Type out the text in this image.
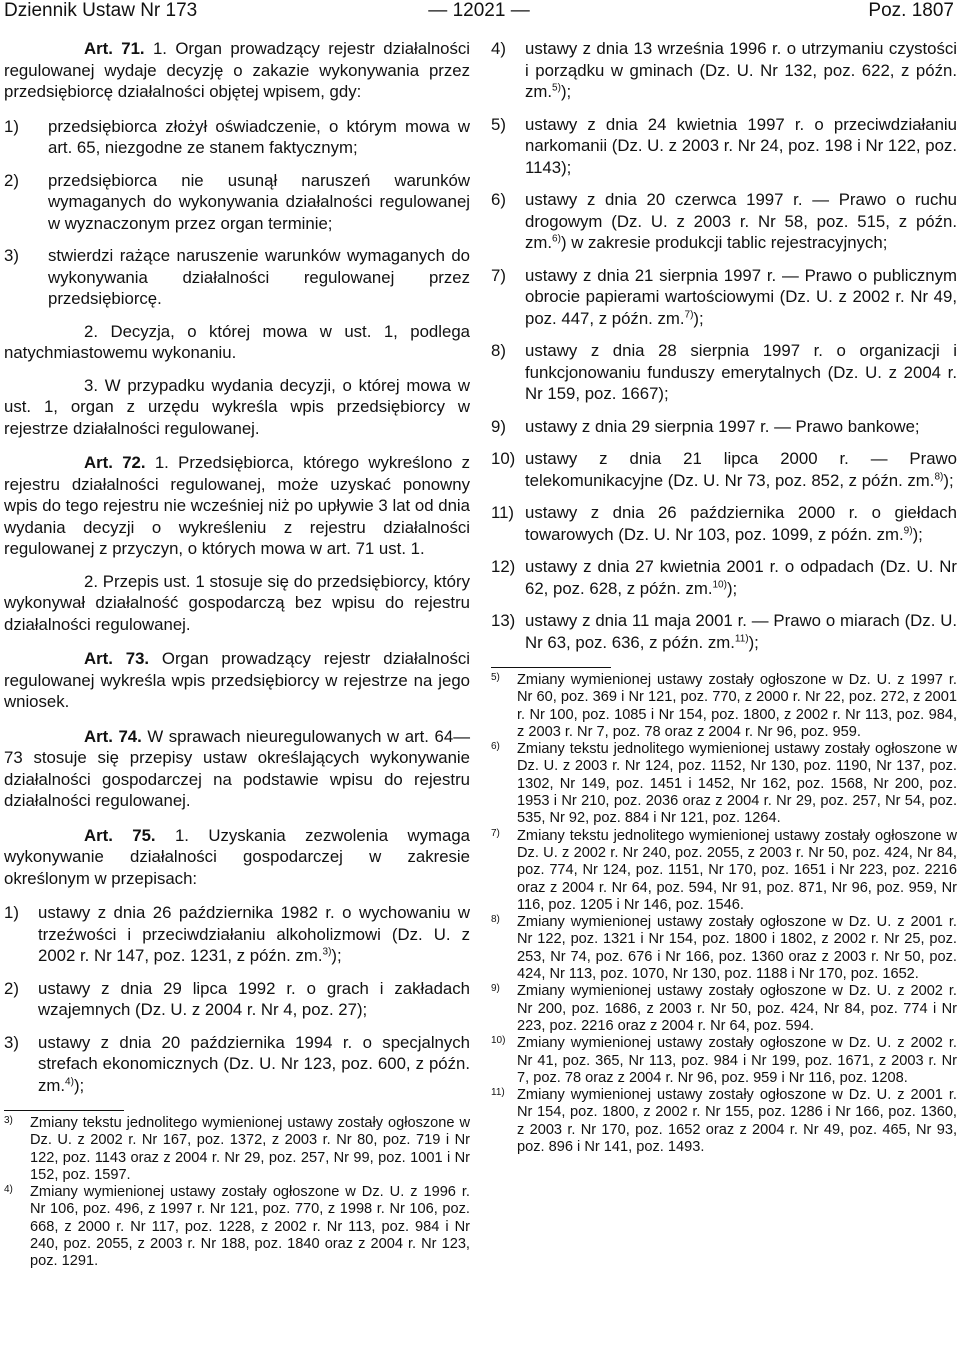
Dziennik Ustaw Nr 173	— 12021 —	Poz. 1807

Art. 71. 1. Organ prowadzący rejestr działalności regulowanej wydaje decyzję o zakazie wykonywania przez przedsiębiorcę działalności objętej wpisem, gdy:

1) przedsiębiorca złożył oświadczenie, o którym mowa w art. 65, niezgodne ze stanem faktycznym;
2) przedsiębiorca nie usunął naruszeń warunków wymaganych do wykonywania działalności regulowanej w wyznaczonym przez organ terminie;
3) stwierdzi rażące naruszenie warunków wymaganych do wykonywania działalności regulowanej przez przedsiębiorcę.

2. Decyzja, o której mowa w ust. 1, podlega natychmiastowemu wykonaniu.

3. W przypadku wydania decyzji, o której mowa w ust. 1, organ z urzędu wykreśla wpis przedsiębiorcy w rejestrze działalności regulowanej.

Art. 72. 1. Przedsiębiorca, którego wykreślono z rejestru działalności regulowanej, może uzyskać ponowny wpis do tego rejestru nie wcześniej niż po upływie 3 lat od dnia wydania decyzji o wykreśleniu z rejestru działalności regulowanej z przyczyn, o których mowa w art. 71 ust. 1.

2. Przepis ust. 1 stosuje się do przedsiębiorcy, który wykonywał działalność gospodarczą bez wpisu do rejestru działalności regulowanej.

Art. 73. Organ prowadzący rejestr działalności regulowanej wykreśla wpis przedsiębiorcy w rejestrze na jego wniosek.

Art. 74. W sprawach nieuregulowanych w art. 64—73 stosuje się przepisy ustaw określających wykonywanie działalności gospodarczej na podstawie wpisu do rejestru działalności regulowanej.

Art. 75. 1. Uzyskania zezwolenia wymaga wykonywanie działalności gospodarczej w zakresie określonym w przepisach:

1) ustawy z dnia 26 października 1982 r. o wychowaniu w trzeźwości i przeciwdziałaniu alkoholizmowi (Dz. U. z 2002 r. Nr 147, poz. 1231, z późn. zm.$^{3)}$);
2) ustawy z dnia 29 lipca 1992 r. o grach i zakładach wzajemnych (Dz. U. z 2004 r. Nr 4, poz. 27);
3) ustawy z dnia 20 października 1994 r. o specjalnych strefach ekonomicznych (Dz. U. Nr 123, poz. 600, z późn. zm.$^{4)}$);
3) Zmiany tekstu jednolitego wymienionej ustawy zostały ogłoszone w Dz. U. z 2002 r. Nr 167, poz. 1372, z 2003 r. Nr 80, poz. 719 i Nr 122, poz. 1143 oraz z 2004 r. Nr 29, poz. 257, Nr 99, poz. 1001 i Nr 152, poz. 1597.
4) Zmiany wymienionej ustawy zostały ogłoszone w Dz. U. z 1996 r. Nr 106, poz. 496, z 1997 r. Nr 121, poz. 770, z 1998 r. Nr 106, poz. 668, z 2000 r. Nr 117, poz. 1228, z 2002 r. Nr 113, poz. 984 i Nr 240, poz. 2055, z 2003 r. Nr 188, poz. 1840 oraz z 2004 r. Nr 123, poz. 1291.
4) ustawy z dnia 13 września 1996 r. o utrzymaniu czystości i porządku w gminach (Dz. U. Nr 132, poz. 622, z późn. zm.$^{5)}$);
5) ustawy z dnia 24 kwietnia 1997 r. o przeciwdziałaniu narkomanii (Dz. U. z 2003 r. Nr 24, poz. 198 i Nr 122, poz. 1143);
6) ustawy z dnia 20 czerwca 1997 r. — Prawo o ruchu drogowym (Dz. U. z 2003 r. Nr 58, poz. 515, z późn. zm.$^{6)}$) w zakresie produkcji tablic rejestracyjnych;
7) ustawy z dnia 21 sierpnia 1997 r. — Prawo o publicznym obrocie papierami wartościowymi (Dz. U. z 2002 r. Nr 49, poz. 447, z późn. zm.$^{7)}$);
8) ustawy z dnia 28 sierpnia 1997 r. o organizacji i funkcjonowaniu funduszy emerytalnych (Dz. U. z 2004 r. Nr 159, poz. 1667);
9) ustawy z dnia 29 sierpnia 1997 r. — Prawo bankowe;
10) ustawy z dnia 21 lipca 2000 r. — Prawo telekomunikacyjne (Dz. U. Nr 73, poz. 852, z późn. zm.$^{8)}$);
11) ustawy z dnia 26 października 2000 r. o giełdach towarowych (Dz. U. Nr 103, poz. 1099, z późn. zm.$^{9)}$);
12) ustawy z dnia 27 kwietnia 2001 r. o odpadach (Dz. U. Nr 62, poz. 628, z późn. zm.$^{10)}$);
13) ustawy z dnia 11 maja 2001 r. — Prawo o miarach (Dz. U. Nr 63, poz. 636, z późn. zm.$^{11)}$);
5) Zmiany wymienionej ustawy zostały ogłoszone w Dz. U. z 1997 r. Nr 60, poz. 369 i Nr 121, poz. 770, z 2000 r. Nr 22, poz. 272, z 2001 r. Nr 100, poz. 1085 i Nr 154, poz. 1800, z 2002 r. Nr 113, poz. 984, z 2003 r. Nr 7, poz. 78 oraz z 2004 r. Nr 96, poz. 959.
6) Zmiany tekstu jednolitego wymienionej ustawy zostały ogłoszone w Dz. U. z 2003 r. Nr 124, poz. 1152, Nr 130, poz. 1190, Nr 137, poz. 1302, Nr 149, poz. 1451 i 1452, Nr 162, poz. 1568, Nr 200, poz. 1953 i Nr 210, poz. 2036 oraz z 2004 r. Nr 29, poz. 257, Nr 54, poz. 535, Nr 92, poz. 884 i Nr 121, poz. 1264.
7) Zmiany tekstu jednolitego wymienionej ustawy zostały ogłoszone w Dz. U. z 2002 r. Nr 240, poz. 2055, z 2003 r. Nr 50, poz. 424, Nr 84, poz. 774, Nr 124, poz. 1151, Nr 170, poz. 1651 i Nr 223, poz. 2216 oraz z 2004 r. Nr 64, poz. 594, Nr 91, poz. 871, Nr 96, poz. 959, Nr 116, poz. 1205 i Nr 146, poz. 1546.
8) Zmiany wymienionej ustawy zostały ogłoszone w Dz. U. z 2001 r. Nr 122, poz. 1321 i Nr 154, poz. 1800 i 1802, z 2002 r. Nr 25, poz. 253, Nr 74, poz. 676 i Nr 166, poz. 1360 oraz z 2003 r. Nr 50, poz. 424, Nr 113, poz. 1070, Nr 130, poz. 1188 i Nr 170, poz. 1652.
9) Zmiany wymienionej ustawy zostały ogłoszone w Dz. U. z 2002 r. Nr 200, poz. 1686, z 2003 r. Nr 50, poz. 424, Nr 84, poz. 774 i Nr 223, poz. 2216 oraz z 2004 r. Nr 64, poz. 594.
10) Zmiany wymienionej ustawy zostały ogłoszone w Dz. U. z 2002 r. Nr 41, poz. 365, Nr 113, poz. 984 i Nr 199, poz. 1671, z 2003 r. Nr 7, poz. 78 oraz z 2004 r. Nr 96, poz. 959 i Nr 116, poz. 1208.
11) Zmiany wymienionej ustawy zostały ogłoszone w Dz. U. z 2001 r. Nr 154, poz. 1800, z 2002 r. Nr 155, poz. 1286 i Nr 166, poz. 1360, z 2003 r. Nr 170, poz. 1652 oraz z 2004 r. Nr 49, poz. 465, Nr 93, poz. 896 i Nr 141, poz. 1493.
